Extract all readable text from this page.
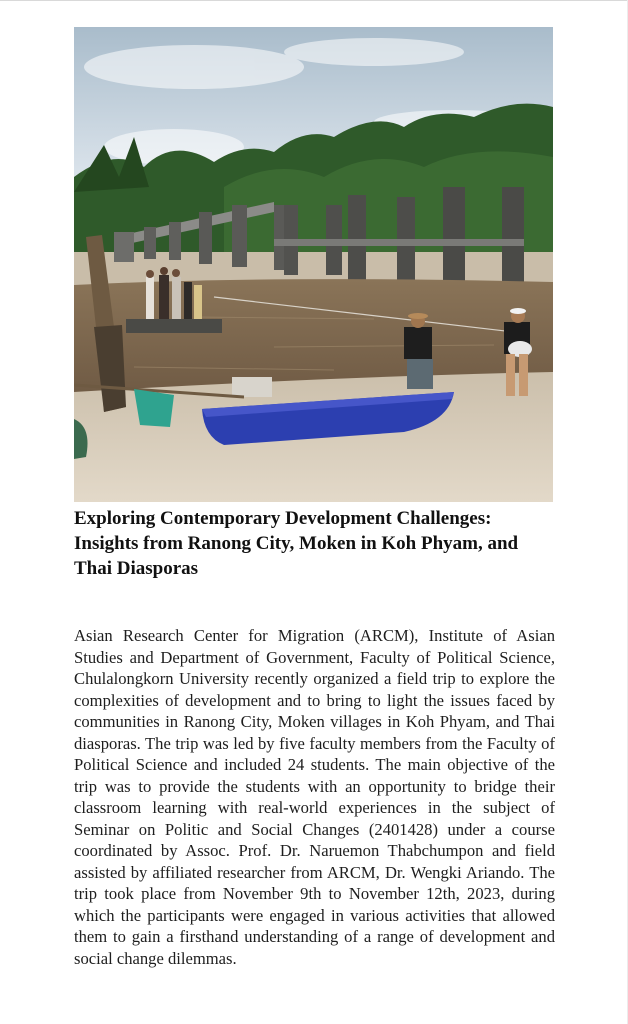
Exploring Contemporary Development Challenges: Insights from Ranong City, Moken in Koh Phyam, and Thai Diasporas

Asian Research Center for Migration (ARCM), Institute of Asian Studies and Department of Government, Faculty of Political Science, Chulalongkorn University recently organized a field trip to explore the complexities of development and to bring to light the issues faced by communities in Ranong City, Moken villages in Koh Phyam, and Thai diasporas. The trip was led by five faculty members from the Faculty of Political Science and included 24 students. The main objective of the trip was to provide the students with an opportunity to bridge their classroom learning with real-world experiences in the subject of Seminar on Politic and Social Changes (2401428) under a course coordinated by Assoc. Prof. Dr. Naruemon Thabchumpon and field assisted by affiliated researcher from ARCM, Dr. Wengki Ariando. The trip took place from November 9th to November 12th, 2023, during which the participants were engaged in various activities that allowed them to gain a firsthand understanding of a range of development and social change dilemmas.
